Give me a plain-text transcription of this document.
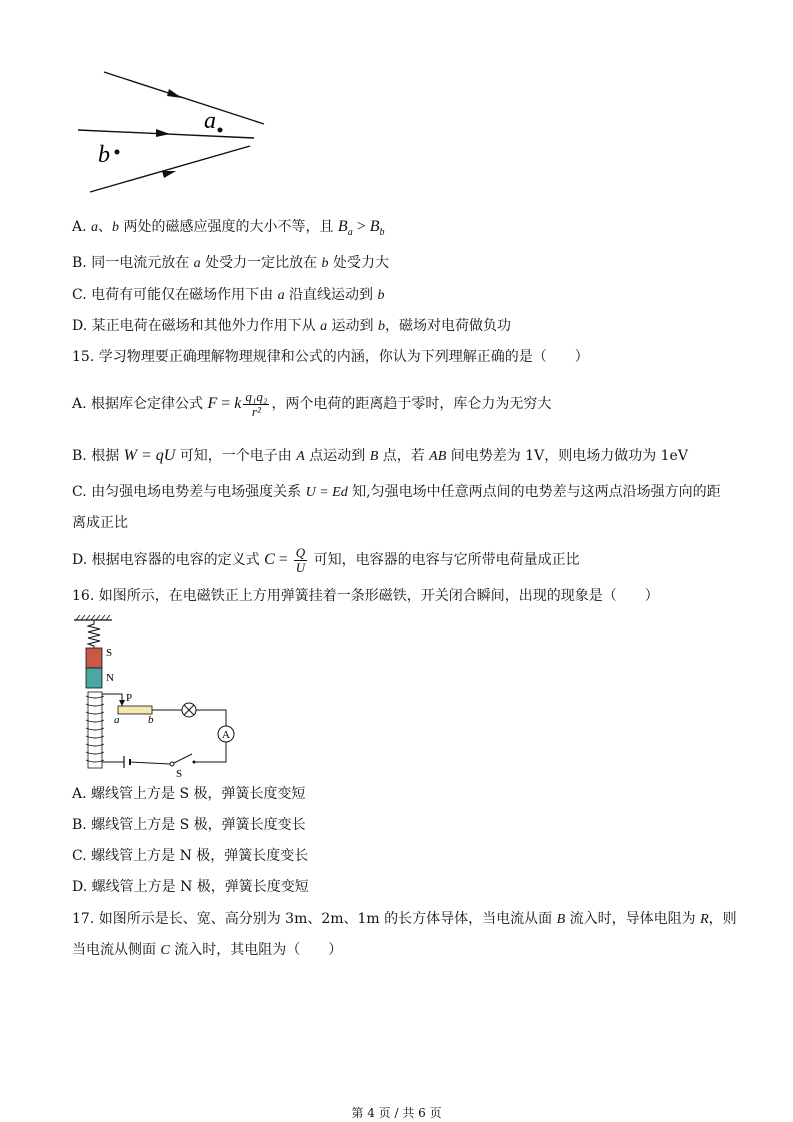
a
b
A. a、b 两处的磁感应强度的大小不等，且 $B_a > B_b$
B. 同一电流元放在 a 处受力一定比放在 b 处受力大
C. 电荷有可能仅在磁场作用下由 a 沿直线运动到 b
D. 某正电荷在磁场和其他外力作用下从 a 运动到 b，磁场对电荷做负功
15. 学习物理要正确理解物理规律和公式的内涵，你认为下列理解正确的是（　　）
A. 根据库仑定律公式 F = k $\frac{\text{q₁q₂}}{\text{r²}}$ ，两个电荷的距离趋于零时，库仑力为无穷大
B. 根据 W = qU 可知，一个电子由 A 点运动到 B 点，若 AB 间电势差为 1V，则电场力做功为 1eV
C. 由匀强电场电势差与电场强度关系 U = Ed 知,匀强电场中任意两点间的电势差与这两点沿场强方向的距
离成正比
D. 根据电容器的电容的定义式 $C = \frac{Q}{U}$ 可知，电容器的电容与它所带电荷量成正比
16. 如图所示，在电磁铁正上方用弹簧挂着一条形磁铁，开关闭合瞬间，出现的现象是（　　）
S
N
P
a	b
A
S
A. 螺线管上方是 S 极，弹簧长度变短
B. 螺线管上方是 S 极，弹簧长度变长
C. 螺线管上方是 N 极，弹簧长度变长
D. 螺线管上方是 N 极，弹簧长度变短
17. 如图所示是长、宽、高分别为 3m、2m、1m 的长方体导体，当电流从面 B 流入时，导体电阻为 R，则
当电流从侧面 C 流入时，其电阻为（　　）
第 4 页 / 共 6 页
